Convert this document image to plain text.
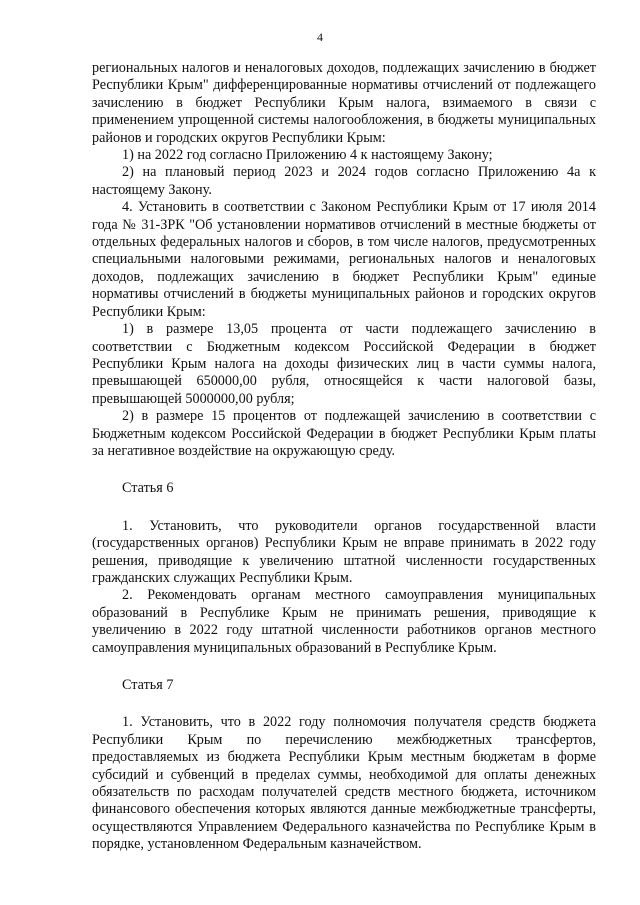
4

региональных налогов и неналоговых доходов, подлежащих зачислению в бюджет Республики Крым" дифференцированные нормативы отчислений от подлежащего зачислению в бюджет Республики Крым налога, взимаемого в связи с применением упрощенной системы налогообложения, в бюджеты муниципальных районов и городских округов Республики Крым:

1) на 2022 год согласно Приложению 4 к настоящему Закону;

2) на плановый период 2023 и 2024 годов согласно Приложению 4а к настоящему Закону.

4. Установить в соответствии с Законом Республики Крым от 17 июля 2014 года № 31-ЗРК "Об установлении нормативов отчислений в местные бюджеты от отдельных федеральных налогов и сборов, в том числе налогов, предусмотренных специальными налоговыми режимами, региональных налогов и неналоговых доходов, подлежащих зачислению в бюджет Республики Крым" единые нормативы отчислений в бюджеты муниципальных районов и городских округов Республики Крым:

1) в размере 13,05 процента от части подлежащего зачислению в соответствии с Бюджетным кодексом Российской Федерации в бюджет Республики Крым налога на доходы физических лиц в части суммы налога, превышающей 650000,00 рубля, относящейся к части налоговой базы, превышающей 5000000,00 рубля;

2) в размере 15 процентов от подлежащей зачислению в соответствии с Бюджетным кодексом Российской Федерации в бюджет Республики Крым платы за негативное воздействие на окружающую среду.

Статья 6

1. Установить, что руководители органов государственной власти (государственных органов) Республики Крым не вправе принимать в 2022 году решения, приводящие к увеличению штатной численности государственных гражданских служащих Республики Крым.

2. Рекомендовать органам местного самоуправления муниципальных образований в Республике Крым не принимать решения, приводящие к увеличению в 2022 году штатной численности работников органов местного самоуправления муниципальных образований в Республике Крым.

Статья 7

1. Установить, что в 2022 году полномочия получателя средств бюджета Республики Крым по перечислению межбюджетных трансфертов, предоставляемых из бюджета Республики Крым местным бюджетам в форме субсидий и субвенций в пределах суммы, необходимой для оплаты денежных обязательств по расходам получателей средств местного бюджета, источником финансового обеспечения которых являются данные межбюджетные трансферты, осуществляются Управлением Федерального казначейства по Республике Крым в порядке, установленном Федеральным казначейством.
